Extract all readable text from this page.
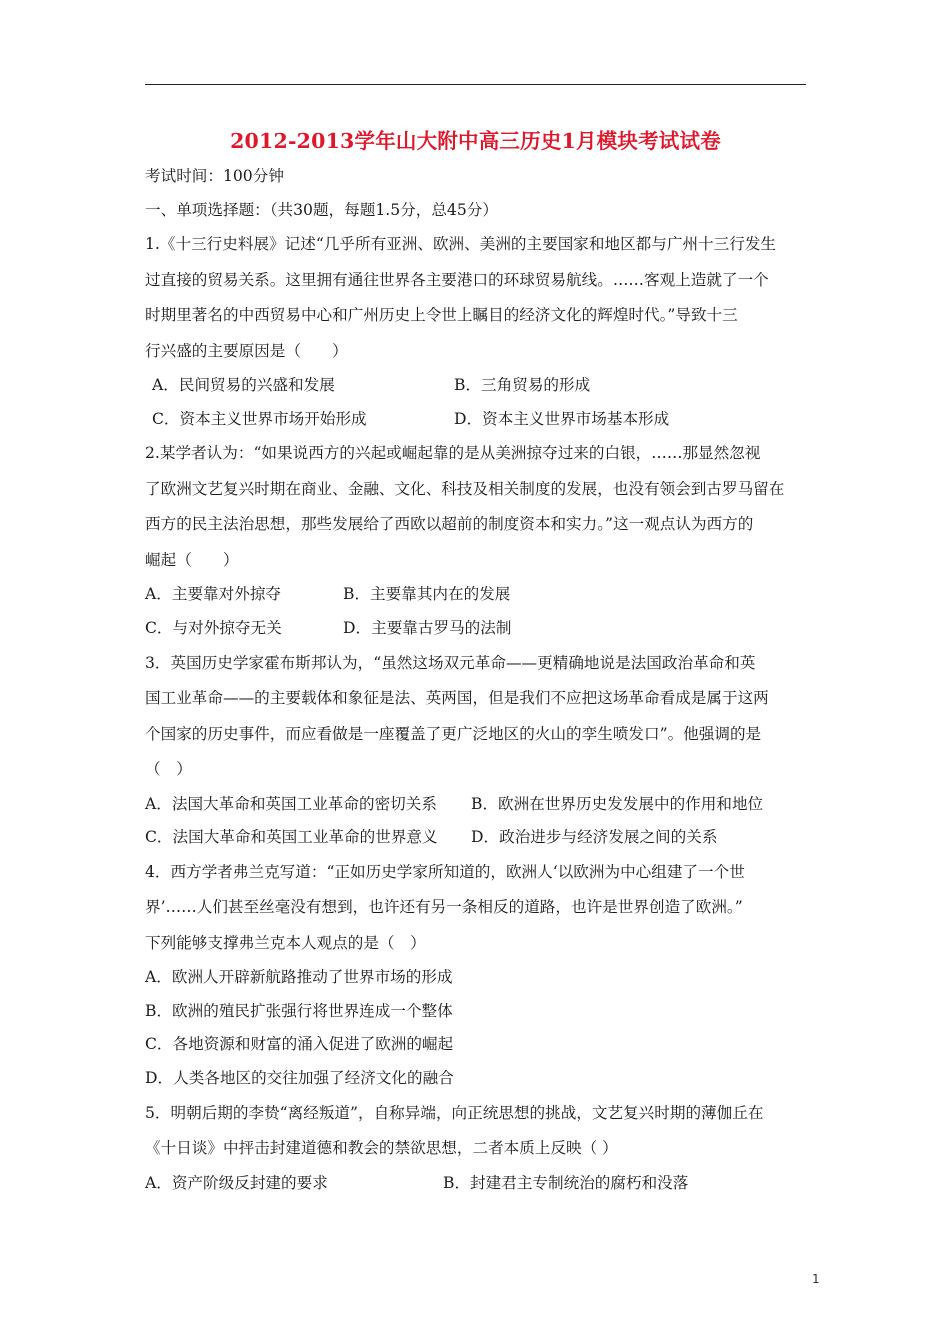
2012-2013学年山大附中高三历史1月模块考试试卷
考试时间：100分钟
一、单项选择题：（共30题，每题1.5分，总45分）
1.《十三行史料展》记述“几乎所有亚洲、欧洲、美洲的主要国家和地区都与广州十三行发生
过直接的贸易关系。这里拥有通往世界各主要港口的环球贸易航线。……客观上造就了一个
时期里著名的中西贸易中心和广州历史上令世上瞩目的经济文化的辉煌时代。”导致十三
行兴盛的主要原因是（　　）
A．民间贸易的兴盛和发展	B．三角贸易的形成
C．资本主义世界市场开始形成	D．资本主义世界市场基本形成
2.某学者认为：“如果说西方的兴起或崛起靠的是从美洲掠夺过来的白银，……那显然忽视
了欧洲文艺复兴时期在商业、金融、文化、科技及相关制度的发展，也没有领会到古罗马留在
西方的民主法治思想，那些发展给了西欧以超前的制度资本和实力。”这一观点认为西方的
崛起（　　）
A．主要靠对外掠夺	B．主要靠其内在的发展
C．与对外掠夺无关	D．主要靠古罗马的法制
3．英国历史学家霍布斯邦认为，“虽然这场双元革命——更精确地说是法国政治革命和英
国工业革命——的主要载体和象征是法、英两国，但是我们不应把这场革命看成是属于这两
个国家的历史事件，而应看做是一座覆盖了更广泛地区的火山的孪生喷发口”。他强调的是
（　）
A．法国大革命和英国工业革命的密切关系 B．欧洲在世界历史发发展中的作用和地位
C．法国大革命和英国工业革命的世界意义 D．政治进步与经济发展之间的关系
4．西方学者弗兰克写道：“正如历史学家所知道的，欧洲人‘以欧洲为中心组建了一个世
界’……人们甚至丝毫没有想到，也许还有另一条相反的道路，也许是世界创造了欧洲。”
下列能够支撑弗兰克本人观点的是（　）
A．欧洲人开辟新航路推动了世界市场的形成
B．欧洲的殖民扩张强行将世界连成一个整体
C．各地资源和财富的涌入促进了欧洲的崛起
D．人类各地区的交往加强了经济文化的融合
5．明朝后期的李贽“离经叛道”，自称异端，向正统思想的挑战，文艺复兴时期的薄伽丘在
《十日谈》中抨击封建道德和教会的禁欲思想，二者本质上反映（ ）
A．资产阶级反封建的要求	B．封建君主专制统治的腐朽和没落
1
